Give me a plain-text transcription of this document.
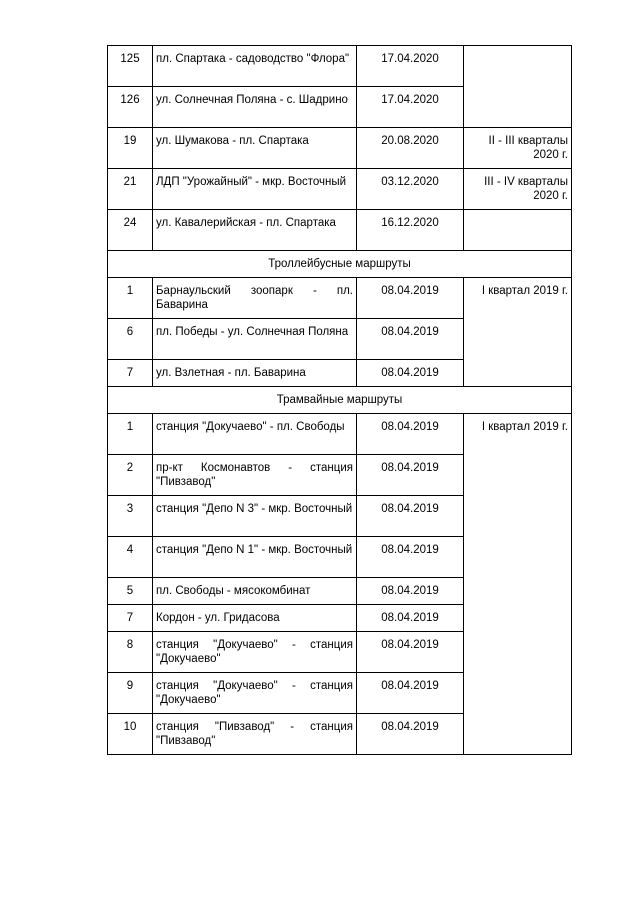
125	пл. Спартака - садоводство "Флора"	17.04.2020	
126	ул. Солнечная Поляна - с. Шадрино	17.04.2020	
19	ул. Шумакова - пл. Спартака	20.08.2020	II - III кварталы 2020 г.
21	ЛДП "Урожайный" - мкр. Восточный	03.12.2020	III - IV кварталы 2020 г.
24	ул. Кавалерийская - пл. Спартака	16.12.2020	
Троллейбусные маршруты			
1	Барнаульский зоопарк - пл. Баварина	08.04.2019	I квартал 2019 г.
6	пл. Победы - ул. Солнечная Поляна	08.04.2019	
7	ул. Взлетная - пл. Баварина	08.04.2019	
Трамвайные маршруты			
1	станция "Докучаево" - пл. Свободы	08.04.2019	I квартал 2019 г.
2	пр-кт Космонавтов - станция "Пивзавод"	08.04.2019	
3	станция "Депо N 3" - мкр. Восточный	08.04.2019	
4	станция "Депо N 1" - мкр. Восточный	08.04.2019	
5	пл. Свободы - мясокомбинат	08.04.2019	
7	Кордон - ул. Гридасова	08.04.2019	
8	станция "Докучаево" - станция "Докучаево"	08.04.2019	
9	станция "Докучаево" - станция "Докучаево"	08.04.2019	
10	станция "Пивзавод" - станция "Пивзавод"	08.04.2019	
